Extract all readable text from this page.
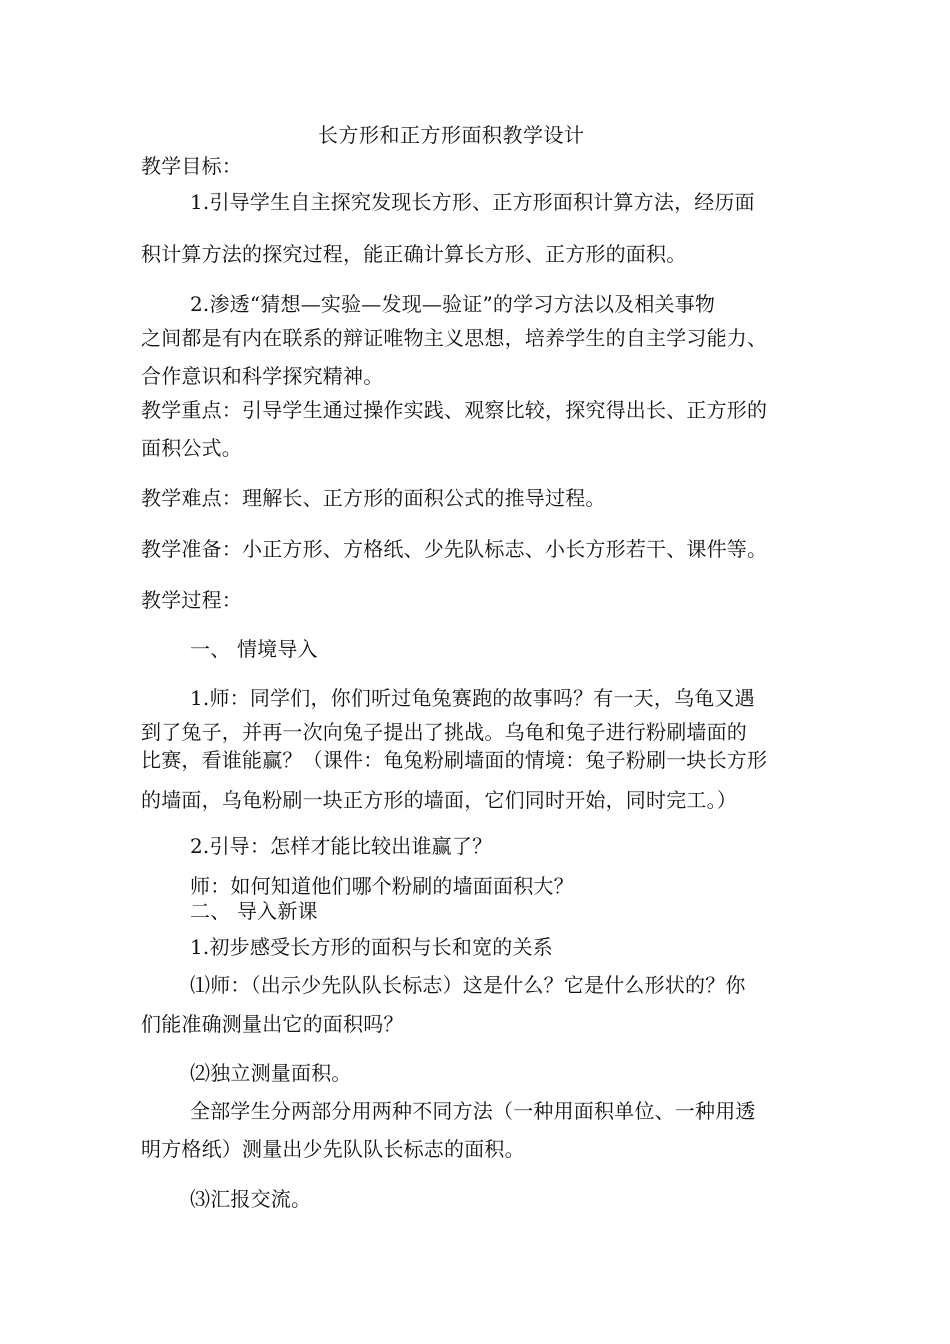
长方形和正方形面积教学设计
教学目标：
1.引导学生自主探究发现长方形、正方形面积计算方法，经历面
积计算方法的探究过程，能正确计算长方形、正方形的面积。
2.渗透“猜想—实验—发现—验证”的学习方法以及相关事物
之间都是有内在联系的辩证唯物主义思想，培养学生的自主学习能力、
合作意识和科学探究精神。
教学重点：引导学生通过操作实践、观察比较，探究得出长、正方形的
面积公式。
教学难点：理解长、正方形的面积公式的推导过程。
教学准备：小正方形、方格纸、少先队标志、小长方形若干、课件等。
教学过程：
一、 情境导入
1.师：同学们，你们听过龟兔赛跑的故事吗？有一天，乌龟又遇
到了兔子，并再一次向兔子提出了挑战。乌龟和兔子进行粉刷墙面的
比赛，看谁能赢？（课件：龟兔粉刷墙面的情境：兔子粉刷一块长方形
的墙面，乌龟粉刷一块正方形的墙面，它们同时开始，同时完工。）
2.引导：怎样才能比较出谁赢了？
师：如何知道他们哪个粉刷的墙面面积大？
二、 导入新课
1.初步感受长方形的面积与长和宽的关系
⑴师：（出示少先队队长标志）这是什么？它是什么形状的？你
们能准确测量出它的面积吗？
⑵独立测量面积。
全部学生分两部分用两种不同方法（一种用面积单位、一种用透
明方格纸）测量出少先队队长标志的面积。
⑶汇报交流。
